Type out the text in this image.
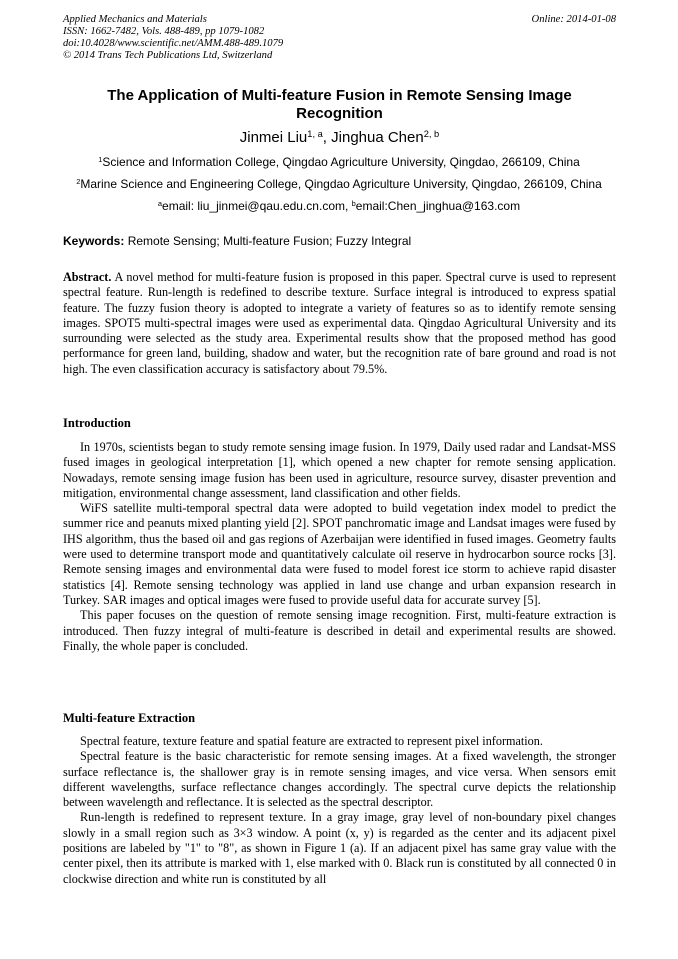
Applied Mechanics and Materials
ISSN: 1662-7482, Vols. 488-489, pp 1079-1082
doi:10.4028/www.scientific.net/AMM.488-489.1079
© 2014 Trans Tech Publications Ltd, Switzerland
Online: 2014-01-08
The Application of Multi-feature Fusion in Remote Sensing Image Recognition
Jinmei Liu$^{1, a}$, Jinghua Chen$^{2, b}$
$^1$Science and Information College, Qingdao Agriculture University, Qingdao, 266109, China
$^2$Marine Science and Engineering College, Qingdao Agriculture University, Qingdao, 266109, China
$^a$email: liu_jinmei@qau.edu.cn.com, $^b$email:Chen_jinghua@163.com
Keywords: Remote Sensing; Multi-feature Fusion; Fuzzy Integral

Abstract. A novel method for multi-feature fusion is proposed in this paper. Spectral curve is used to represent spectral feature. Run-length is redefined to describe texture. Surface integral is introduced to express spatial feature. The fuzzy fusion theory is adopted to integrate a variety of features so as to identify remote sensing images. SPOT5 multi-spectral images were used as experimental data. Qingdao Agricultural University and its surrounding were selected as the study area. Experimental results show that the proposed method has good performance for green land, building, shadow and water, but the recognition rate of bare ground and road is not high. The even classification accuracy is satisfactory about 79.5%.

Introduction

In 1970s, scientists began to study remote sensing image fusion. In 1979, Daily used radar and Landsat-MSS fused images in geological interpretation [1], which opened a new chapter for remote sensing application. Nowadays, remote sensing image fusion has been used in agriculture, resource survey, disaster prevention and mitigation, environmental change assessment, land classification and other fields.

WiFS satellite multi-temporal spectral data were adopted to build vegetation index model to predict the summer rice and peanuts mixed planting yield [2]. SPOT panchromatic image and Landsat images were fused by IHS algorithm, thus the based oil and gas regions of Azerbaijan were identified in fused images. Geometry faults were used to determine transport mode and quantitatively calculate oil reserve in hydrocarbon source rocks [3]. Remote sensing images and environmental data were fused to model forest ice storm to achieve rapid disaster statistics [4]. Remote sensing technology was applied in land use change and urban expansion research in Turkey. SAR images and optical images were fused to provide useful data for accurate survey [5].

This paper focuses on the question of remote sensing image recognition. First, multi-feature extraction is introduced. Then fuzzy integral of multi-feature is described in detail and experimental results are showed. Finally, the whole paper is concluded.

Multi-feature Extraction

Spectral feature, texture feature and spatial feature are extracted to represent pixel information.

Spectral feature is the basic characteristic for remote sensing images. At a fixed wavelength, the stronger surface reflectance is, the shallower gray is in remote sensing images, and vice versa. When sensors emit different wavelengths, surface reflectance changes accordingly. The spectral curve depicts the relationship between wavelength and reflectance. It is selected as the spectral descriptor.

Run-length is redefined to represent texture. In a gray image, gray level of non-boundary pixel changes slowly in a small region such as 3×3 window. A point (x, y) is regarded as the center and its adjacent pixel positions are labeled by "1" to "8", as shown in Figure 1 (a). If an adjacent pixel has same gray value with the center pixel, then its attribute is marked with 1, else marked with 0. Black run is constituted by all connected 0 in clockwise direction and white run is constituted by all
